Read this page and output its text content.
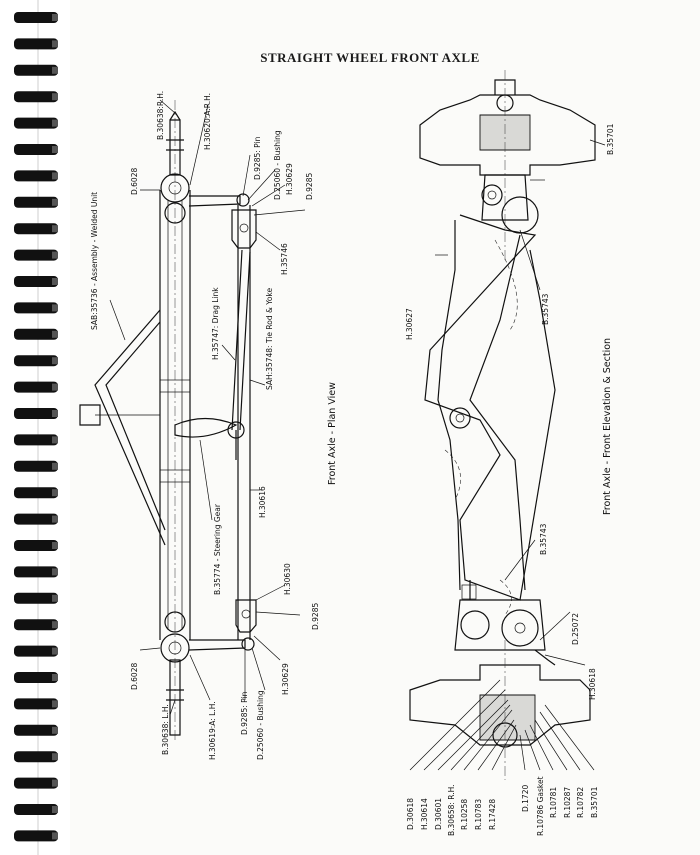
STRAIGHT WHEEL FRONT AXLE
B.30638:R.H.	H.30620:A:R.H.
D.6028
D.9285: Pin D.25060 - Bushing H.30629 D.9285
SAB:35736 - Assembly - Welded Unit	H.35746
H.35747: Drag Link	SAH:35748: Tie Rod & Yoke
H.30616
B.35774 - Steering Gear	H.30630
D.9285
H.30629
D.6028
D.25060 - Bushing
D.9285: Pin
B.30638: L.H.	H.30619:A: L.H.
Front Axle - Plan View
B.35701
H.30627	B.35743
B.35743
D.25072
H.30618
Front Axle - Front Elevation & Section
D.30618 H.30614 D.30601 B.30658: R.H. R.10258 R.10783 R.17428
D.1720 R.10786 Gasket R.10781 R.10287 R.10782 B.35701
